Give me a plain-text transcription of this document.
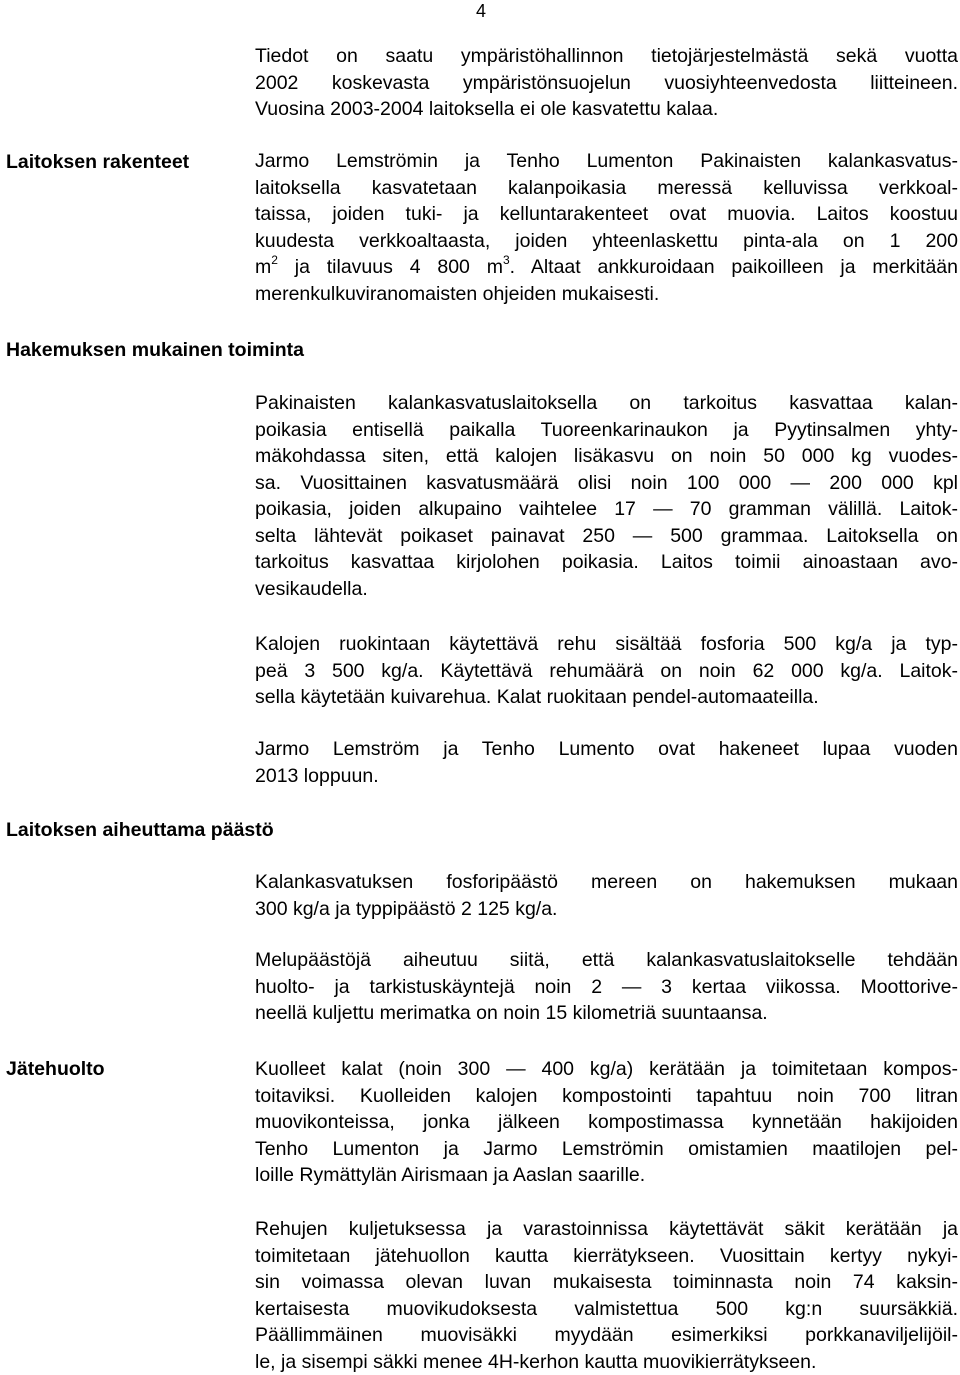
4
Laitoksen rakenteet
Hakemuksen mukainen toiminta
Laitoksen aiheuttama päästö
Jätehuolto
Tiedot on saatu ympäristöhallinnon tietojärjestelmästä sekä vuotta
2002 koskevasta ympäristönsuojelun vuosiyhteenvedosta liitteineen.
Vuosina 2003-2004 laitoksella ei ole kasvatettu kalaa.
Jarmo Lemströmin ja Tenho Lumenton Pakinaisten kalankasvatus-
laitoksella kasvatetaan kalanpoikasia meressä kelluvissa verkkoal-
taissa, joiden tuki- ja kelluntarakenteet ovat muovia. Laitos koostuu
kuudesta verkkoaltaasta, joiden yhteenlaskettu pinta-ala on 1 200
$m^2$ ja tilavuus 4 800 $m^3$. Altaat ankkuroidaan paikoilleen ja merkitään
merenkulkuviranomaisten ohjeiden mukaisesti.
Pakinaisten kalankasvatuslaitoksella on tarkoitus kasvattaa kalan-
poikasia entisellä paikalla Tuoreenkarinaukon ja Pyytinsalmen yhty-
mäkohdassa siten, että kalojen lisäkasvu on noin 50 000 kg vuodes-
sa. Vuosittainen kasvatusmäärä olisi noin 100 000 — 200 000 kpl
poikasia, joiden alkupaino vaihtelee 17 — 70 gramman välillä. Laitok-
selta lähtevät poikaset painavat 250 — 500 grammaa. Laitoksella on
tarkoitus kasvattaa kirjolohen poikasia. Laitos toimii ainoastaan avo-
vesikaudella.
Kalojen ruokintaan käytettävä rehu sisältää fosforia 500 kg/a ja typ-
peä 3 500 kg/a. Käytettävä rehumäärä on noin 62 000 kg/a. Laitok-
sella käytetään kuivarehua. Kalat ruokitaan pendel-automaateilla.
Jarmo Lemström ja Tenho Lumento ovat hakeneet lupaa vuoden
2013 loppuun.
Kalankasvatuksen fosforipäästö mereen on hakemuksen mukaan
300 kg/a ja typpipäästö 2 125 kg/a.
Melupäästöjä aiheutuu siitä, että kalankasvatuslaitokselle tehdään
huolto- ja tarkistuskäyntejä noin 2 — 3 kertaa viikossa. Moottorive-
neellä kuljettu merimatka on noin 15 kilometriä suuntaansa.
Kuolleet kalat (noin 300 — 400 kg/a) kerätään ja toimitetaan kompos-
toitaviksi. Kuolleiden kalojen kompostointi tapahtuu noin 700 litran
muovikonteissa, jonka jälkeen kompostimassa kynnetään hakijoiden
Tenho Lumenton ja Jarmo Lemströmin omistamien maatilojen pel-
loille Rymättylän Airismaan ja Aaslan saarille.
Rehujen kuljetuksessa ja varastoinnissa käytettävät säkit kerätään ja
toimitetaan jätehuollon kautta kierrätykseen. Vuosittain kertyy nykyi-
sin voimassa olevan luvan mukaisesta toiminnasta noin 74 kaksin-
kertaisesta muovikudoksesta valmistettua 500 kg:n suursäkkiä.
Päällimmäinen muovisäkki myydään esimerkiksi porkkanaviljelijöil-
le, ja sisempi säkki menee 4H-kerhon kautta muovikierrätykseen.
